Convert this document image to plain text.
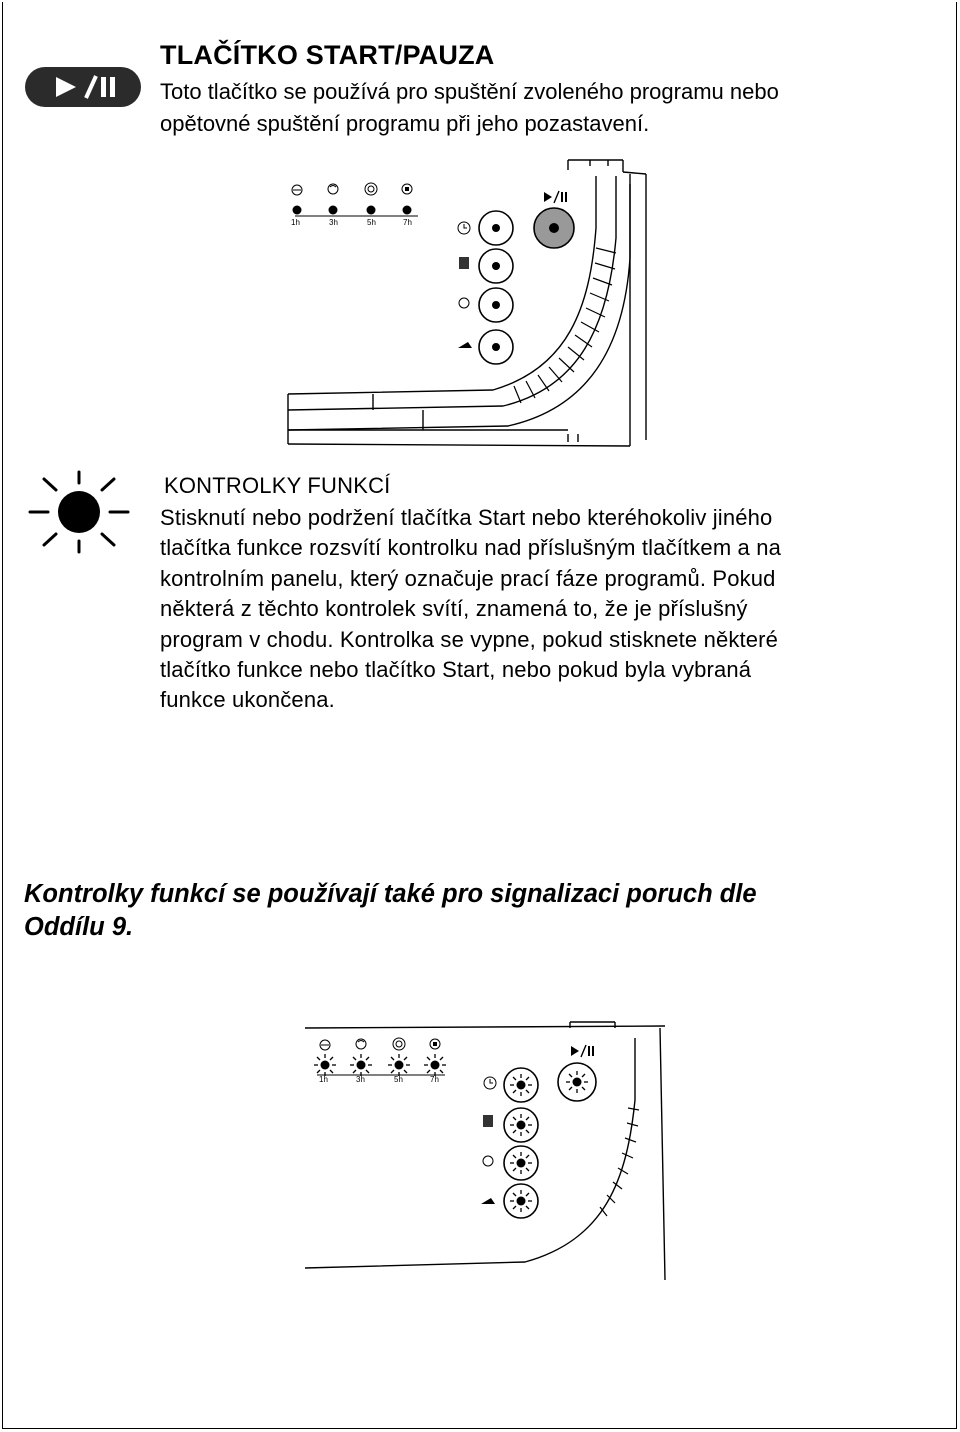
TLAČÍTKO START/PAUZA
Toto tlačítko se používá pro spuštění zvoleného programu nebo
opětovné spuštění programu při jeho pozastavení.
1h	3h	5h	7h
KONTROLKY FUNKCÍ
Stisknutí nebo podržení tlačítka Start nebo kteréhokoliv jiného
tlačítka funkce rozsvítí kontrolku nad příslušným tlačítkem a na
kontrolním panelu, který označuje prací fáze programů. Pokud
některá z těchto kontrolek svítí, znamená to, že je příslušný
program v chodu. Kontrolka se vypne, pokud stisknete některé
tlačítko funkce nebo tlačítko Start, nebo pokud byla vybraná
funkce ukončena.
Kontrolky funkcí se používají také pro signalizaci poruch dle
Oddílu 9.
1h	3h	5h	7h
